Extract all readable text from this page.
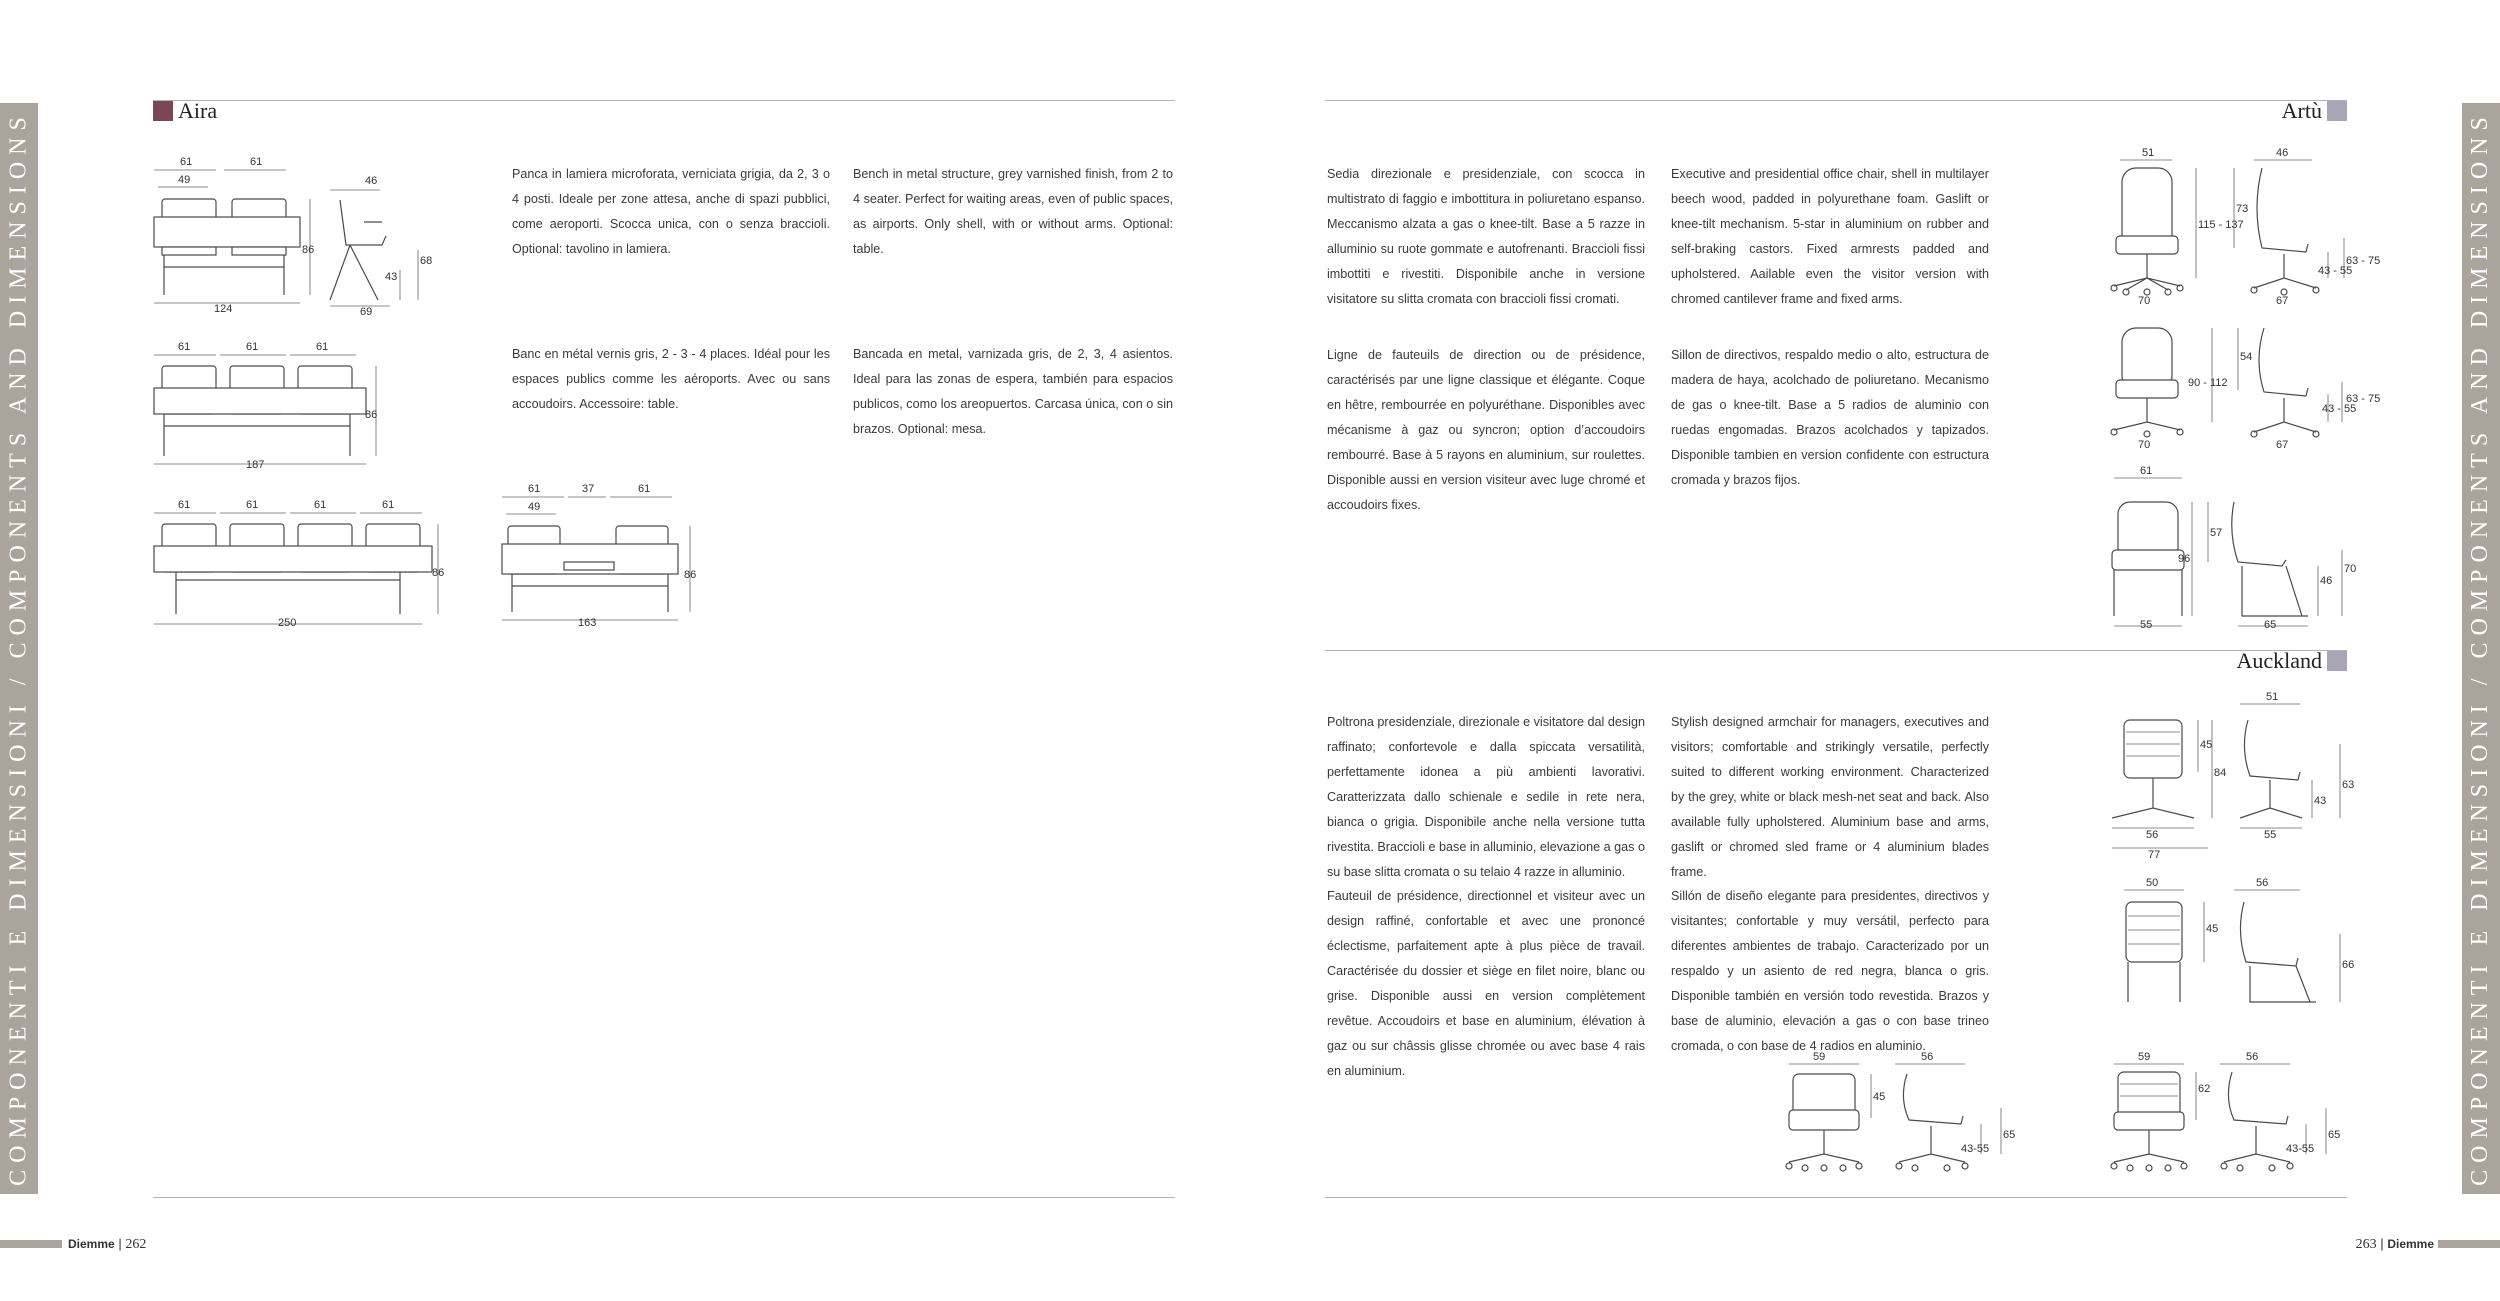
COMPONENTI E DIMENSIONI / COMPONENTS AND DIMENSIONS	COMPONENTI E DIMENSIONI / COMPONENTS AND DIMENSIONS
Aira
Panca in lamiera microforata, verniciata grigia, da 2, 3 o 4 posti. Ideale per zone attesa, anche di spazi pubblici, come aeroporti. Scocca unica, con o senza braccioli. Optional: tavolino in lamiera.
Bench in metal structure, grey varnished finish, from 2 to 4 seater. Perfect for waiting areas, even of public spaces, as airports. Only shell, with or without arms. Optional: table.
Banc en métal vernis gris, 2 - 3 - 4 places. Idéal pour les espaces publics comme les aéroports. Avec ou sans accoudoirs. Accessoire: table.
Bancada en metal, varnizada gris, de 2, 3, 4 asientos. Ideal para las zonas de espera, también para espacios publicos, como los areopuertos. Carcasa única, con o sin brazos. Optional: mesa.
61	61
49
86
124
46
68
43
69
61	61	61
86
187
61	61	61	61
86
250
61	37	61
49
86
163
Diemme | 262
Artù
Sedia direzionale e presidenziale, con scocca in multistrato di faggio e imbottitura in poliuretano espanso. Meccanismo alzata a gas o knee-tilt. Base a 5 razze in alluminio su ruote gommate e autofrenanti. Braccioli fissi imbottiti e rivestiti. Disponibile anche in versione visitatore su slitta cromata con braccioli fissi cromati.
Executive and presidential office chair, shell in multilayer beech wood, padded in polyurethane foam. Gaslift or knee-tilt mechanism. 5-star in aluminium on rubber and self-braking castors. Fixed armrests padded and upholstered. Aailable even the visitor version with chromed cantilever frame and fixed arms.
Ligne de fauteuils de direction ou de présidence, caractérisés par une ligne classique et élégante. Coque en hêtre, rembourrée en polyuréthane. Disponibles avec mécanisme à gaz ou syncron; option d’accoudoirs rembourré. Base à 5 rayons en aluminium, sur roulettes. Disponible aussi en version visiteur avec luge chromé et accoudoirs fixes.
Sillon de directivos, respaldo medio o alto, estructura de madera de haya, acolchado de poliuretano. Mecanismo de gas o knee-tilt. Base a 5 radios de aluminio con ruedas engomadas. Brazos acolchados y tapizados. Disponible tambien en version confidente con estructura cromada y brazos fijos.
51
70
115 - 137
73
46
67
63 - 75
43 - 55
70
90 - 112
54
67
63 - 75
43 - 55
61
55
57
96
65
70
46
Auckland
Poltrona presidenziale, direzionale e visitatore dal design raffinato; confortevole e dalla spiccata versatilità, perfettamente idonea a più ambienti lavorativi. Caratterizzata dallo schienale e sedile in rete nera, bianca o grigia. Disponibile anche nella versione tutta rivestita. Braccioli e base in alluminio, elevazione a gas o su base slitta cromata o su telaio 4 razze in alluminio.
Stylish designed armchair for managers, executives and visitors; comfortable and strikingly versatile, perfectly suited to different working environment. Characterized by the grey, white or black mesh-net seat and back. Also available fully upholstered. Aluminium base and arms, gaslift or chromed sled frame or 4 aluminium blades frame.
Fauteuil de présidence, directionnel et visiteur avec un design raffiné, confortable et avec une prononcé éclectisme, parfaitement apte à plus pièce de travail. Caractérisée du dossier et siège en filet noire, blanc ou grise. Disponible aussi en version complètement revêtue. Accoudoirs et base en aluminium, élévation à gaz ou sur châssis glisse chromée ou avec base 4 rais en aluminium.
Sillón de diseño elegante para presidentes, directivos y visitantes; confortable y muy versátil, perfecto para diferentes ambientes de trabajo. Caracterizado por un respaldo y un asiento de red negra, blanca o gris. Disponible también en versión todo revestida. Brazos y base de aluminio, elevación a gas o con base trineo cromada, o con base de 4 radios en aluminio.
51
45
84
43
63
56	55
77
50	56
45
66
59	56
45
43-55
65
59	56
62
43-55
65
263 | Diemme
